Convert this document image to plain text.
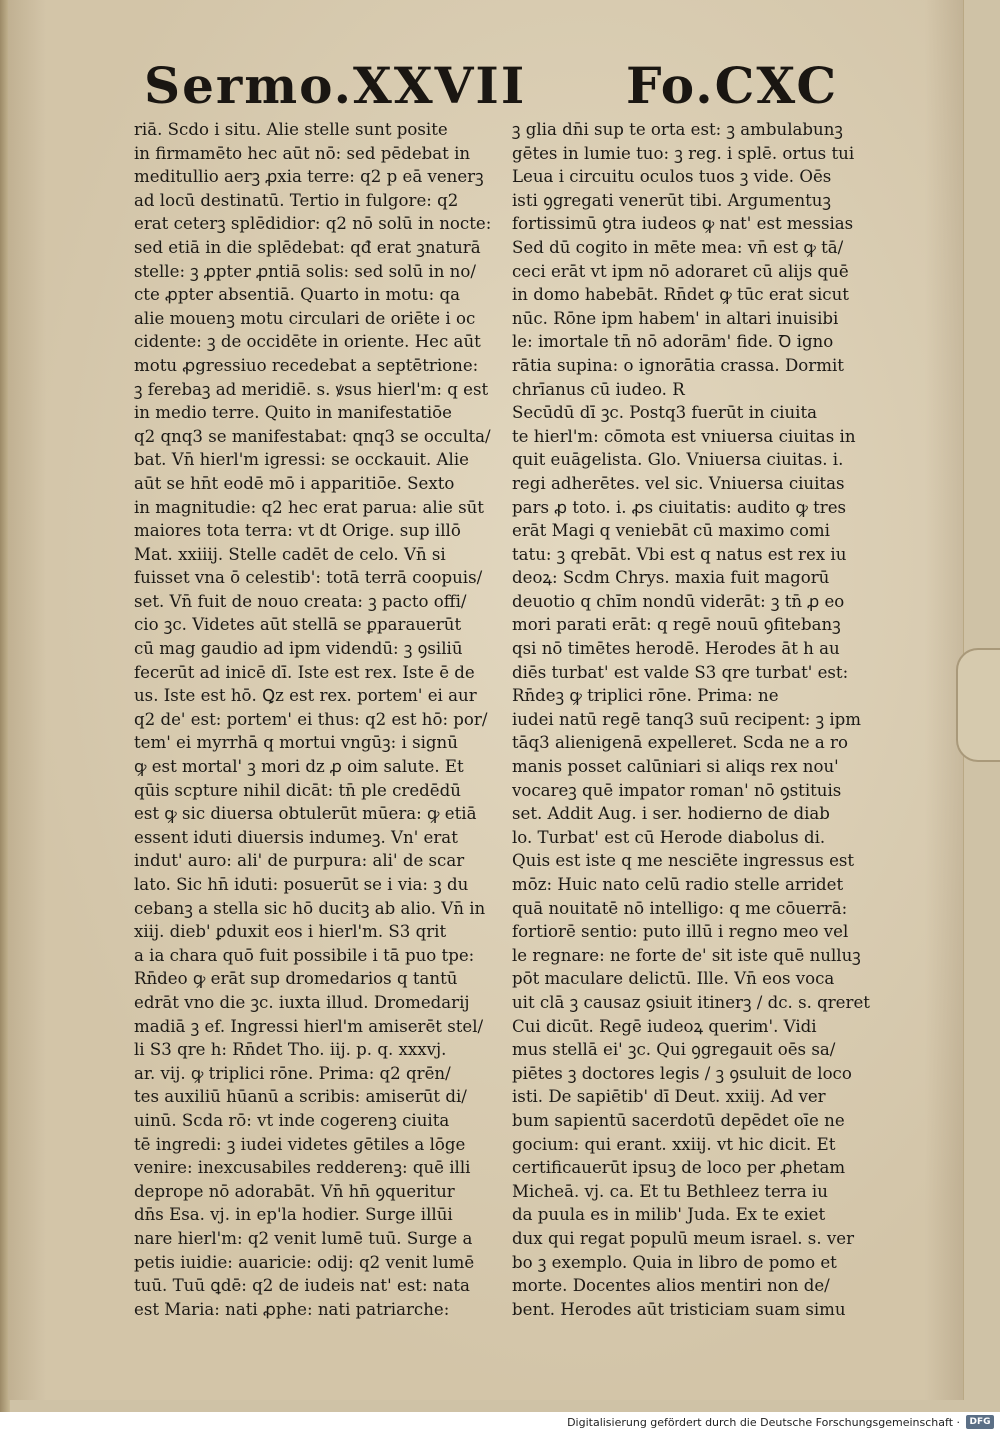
Sermo.XXVII Fo.CXC
riā. Scdo i situ. Alie stelle sunt posite
in firmamēto hec aūt nō: sed pēdebat in
meditullio aerꝫ ꝓxia terre: q2 p eā venerꝫ
ad locū destinatū. Tertio in fulgore: q2
erat ceterꝫ splēdidior: q2 nō solū in nocte:
sed etiā in die splēdebat: qđ erat ꝫnaturā
stelle: ꝫ ꝓpter ꝓntiā solis: sed solū in no/
cte ꝓpter absentiā. Quarto in motu: qa
alie mouenꝫ motu circulari de oriēte i oc
cidente: ꝫ de occidēte in oriente. Hec aūt
motu ꝓgressiuo recedebat a septētrione:
ꝫ ferebaꝫ ad meridiē. s. ꝟsus hierl'm: q est
in medio terre. Quito in manifestatiōe
q2 qnq3 se manifestabat: qnq3 se occulta/
bat. Vn̄ hierl'm igressi: se occkauit. Alie
aūt se hn̄t eodē mō i apparitiōe. Sexto
in magnitudie: q2 hec erat parua: alie sūt
maiores tota terra: vt dt Orige. sup illō
Mat. xxiiij. Stelle cadēt de celo. Vn̄ si
fuisset vna ō celestib': totā terrā coopuis/
set. Vn̄ fuit de nouo creata: ꝫ pacto offi/
cio ꝫc. Videtes aūt stellā se ꝑparauerūt
cū mag gaudio ad ipm videndū: ꝫ ꝯsiliū
fecerūt ad inicē dī. Iste est rex. Iste ē de
us. Iste est hō. Ꝗz est rex. portem' ei aur
q2 de' est: portem' ei thus: q2 est hō: por/
tem' ei myrrhā q mortui vngūꝫ: i signū
ꝙ est mortal' ꝫ mori dz ꝓ oim salute. Et
qūis scpture nihil dicāt: tn̄ ple credēdū
est ꝙ sic diuersa obtulerūt mūera: ꝙ etiā
essent iduti diuersis indumeꝫ. Vn' erat
indut' auro: ali' de purpura: ali' de scar
lato. Sic hn̄ iduti: posuerūt se i via: ꝫ du
cebanꝫ a stella sic hō ducitꝫ ab alio. Vn̄ in
xiij. dieb' ꝑduxit eos i hierl'm. S3 qrit
a ia chara quō fuit possibile i tā puo tpe:
Rn̄deo ꝙ erāt sup dromedarios q tantū
edrāt vno die ꝫc. iuxta illud. Dromedarij
madiā ꝫ ef. Ingressi hierl'm amiserēt stel/
li S3 qre h: Rn̄det Tho. iij. p. q. xxxvj.
ar. vij. ꝙ triplici rōne. Prima: q2 qrēn/
tes auxiliū hūanū a scribis: amiserūt di/
uinū. Scda rō: vt inde cogerenꝫ ciuita
tē ingredi: ꝫ iudei videtes gētiles a lōge
venire: inexcusabiles redderenꝫ: quē illi
deprope nō adorabāt. Vn̄ hn̄ ꝯqueritur
dn̄s Esa. vj. in ep'la hodier. Surge illūi
nare hierl'm: q2 venit lumē tuū. Surge a
petis iuidie: auaricie: odij: q2 venit lumē
tuū. Tuū ꝗdē: q2 de iudeis nat' est: nata
est Maria: nati ꝓphe: nati patriarche:
ꝫ glia dn̄i sup te orta est: ꝫ ambulabunꝫ
gētes in lumie tuo: ꝫ reg. i splē. ortus tui
Leua i circuitu oculos tuos ꝫ vide. Oēs
isti ꝯgregati venerūt tibi. Argumentuꝫ
fortissimū ꝯtra iudeos ꝙ nat' est messias
Sed dū cogito in mēte mea: vn̄ est ꝙ tā/
ceci erāt vt ipm nō adoraret cū alijs quē
in domo habebāt. Rn̄det ꝙ tūc erat sicut
nūc. Rōne ipm habem' in altari inuisibi
le: imortale tn̄ nō adorām' fide. Ꝺ igno
rātia supina: o ignorātia crassa. Dormit
chrīanus cū iudeo. R
Secūdū dī ꝫc. Postq3 fuerūt in ciuita
te hierl'm: cōmota est vniuersa ciuitas in
quit euāgelista. Glo. Vniuersa ciuitas. i.
regi adherētes. vel sic. Vniuersa ciuitas
pars ꝓ toto. i. ꝓs ciuitatis: audito ꝙ tres
erāt Magi q veniebāt cū maximo comi
tatu: ꝫ qrebāt. Vbi est q natus est rex iu
deoꝝ: Scdm Chrys. maxia fuit magorū
deuotio q chīm nondū viderāt: ꝫ tn̄ ꝓ eo
mori parati erāt: q regē nouū ꝯfitebanꝫ
qsi nō timētes herodē. Herodes āt h au
diēs turbat' est valde S3 qre turbat' est:
Rn̄deꝫ ꝙ triplici rōne. Prima: ne
iudei natū regē tanq3 suū recipent: ꝫ ipm
tāq3 alienigenā expelleret. Scda ne a ro
manis posset calūniari si aliqs rex nou'
vocareꝫ quē impator roman' nō ꝯstituis
set. Addit Aug. i ser. hodierno de diab
lo. Turbat' est cū Herode diabolus di.
Quis est iste q me nesciēte ingressus est
mōz: Huic nato celū radio stelle arridet
quā nouitatē nō intelligo: q me cōuerrā:
fortiorē sentio: puto illū i regno meo vel
le regnare: ne forte de' sit iste quē nulluꝫ
pōt maculare delictū. Ille. Vn̄ eos voca
uit clā ꝫ causaz ꝯsiuit itinerꝫ / dc. s. qreret
Cui dicūt. Regē iudeoꝝ querim'. Vidi
mus stellā ei' ꝫc. Qui ꝯgregauit oēs sa/
piētes ꝫ doctores legis / ꝫ ꝯsuluit de loco
isti. De sapiētib' dī Deut. xxiij. Ad ver
bum sapientū sacerdotū depēdet oīe ne
gocium: qui erant. xxiij. vt hic dicit. Et
certificauerūt ipsuꝫ de loco per ꝓhetam
Micheā. vj. ca. Et tu Bethleez terra iu
da puula es in milib' Juda. Ex te exiet
dux qui regat populū meum israel. s. ver
bo ꝫ exemplo. Quia in libro de pomo et
morte. Docentes alios mentiri non de/
bent. Herodes aūt tristiciam suam simu
Digitalisierung gefördert durch die Deutsche Forschungsgemeinschaft ·	DFG
